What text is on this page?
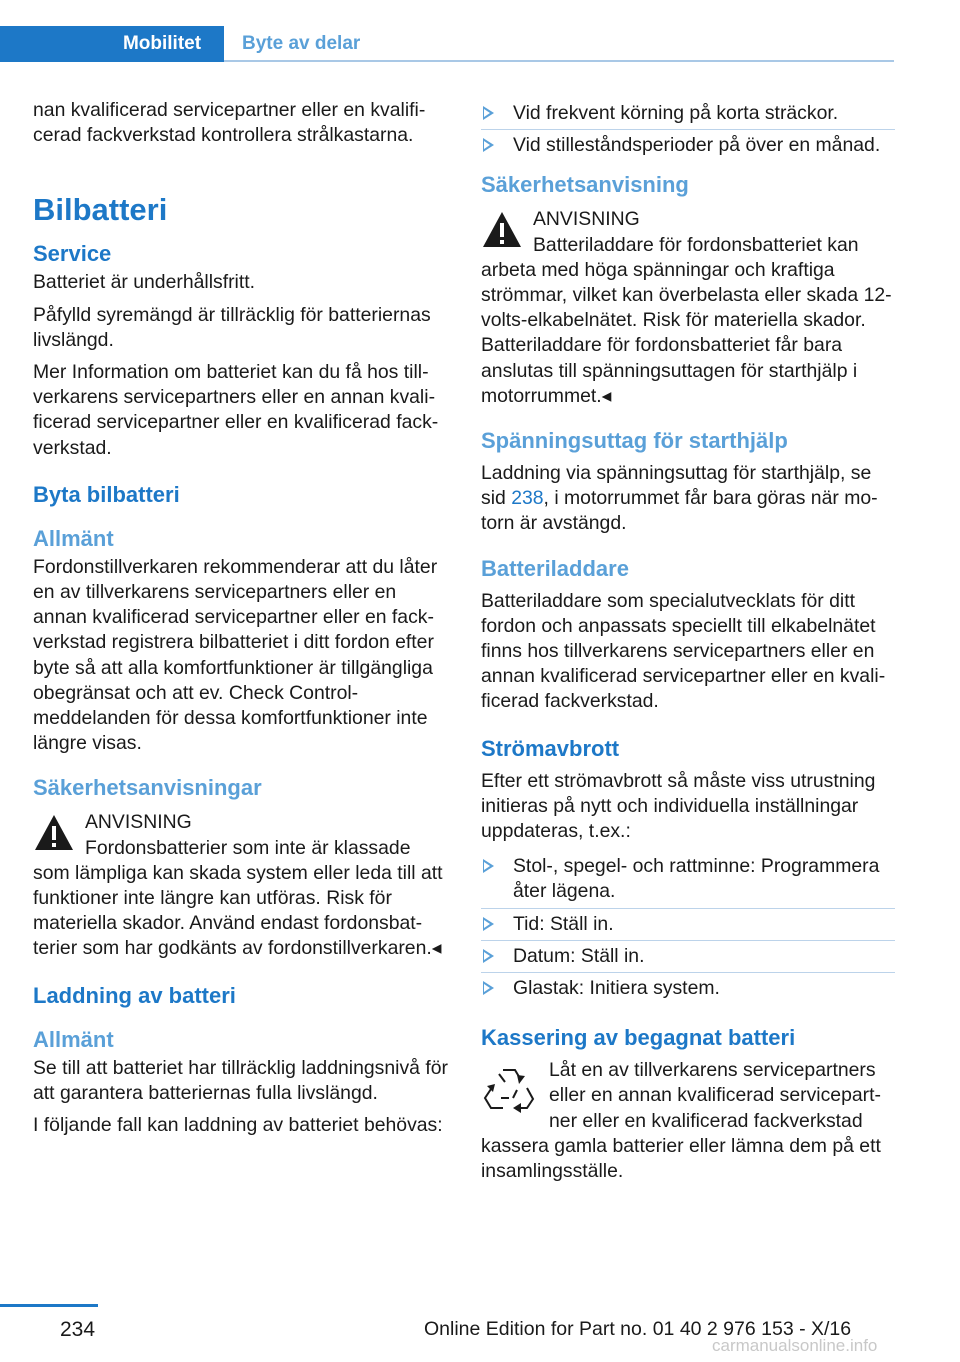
Mobilitet	Byte av delar

nan kvalificerad servicepartner eller en kvalificerad fackverkstad kontrollera strålkastarna.

Bilbatteri
Service

Batteriet är underhållsfritt.

Påfylld syremängd är tillräcklig för batteriernas livslängd.

Mer Information om batteriet kan du få hos tillverkarens servicepartners eller en annan kvalificerad servicepartner eller en kvalificerad fackverkstad.

Byta bilbatteri
Allmänt

Fordonstillverkaren rekommenderar att du låter en av tillverkarens servicepartners eller en annan kvalificerad servicepartner eller en fackverkstad registrera bilbatteriet i ditt fordon efter byte så att alla komfortfunktioner är tillgängliga obegränsat och att ev. Check Control-meddelanden för dessa komfortfunktioner inte längre visas.

Säkerhetsanvisningar
ANVISNING
Fordonsbatterier som inte är klassade som lämpliga kan skada system eller leda till att funktioner inte längre kan utföras. Risk för materiella skador. Använd endast fordonsbatterier som har godkänts av fordonstillverkaren.◂
Laddning av batteri
Allmänt

Se till att batteriet har tillräcklig laddningsnivå för att garantera batteriernas fulla livslängd.

I följande fall kan laddning av batteriet behövas:

Vid frekvent körning på korta sträckor.
Vid stilleståndsperioder på över en månad.
Säkerhetsanvisning
ANVISNING
Batteriladdare för fordonsbatteriet kan arbeta med höga spänningar och kraftiga strömmar, vilket kan överbelasta eller skada 12-volts-elkabelnätet. Risk för materiella skador. Batteriladdare för fordonsbatteriet får bara anslutas till spänningsuttagen för starthjälp i motorrummet.◂
Spänningsuttag för starthjälp

Laddning via spänningsuttag för starthjälp, se sid 238, i motorrummet får bara göras när motorn är avstängd.

Batteriladdare

Batteriladdare som specialutvecklats för ditt fordon och anpassats speciellt till elkabelnätet finns hos tillverkarens servicepartners eller en annan kvalificerad servicepartner eller en kvalificerad fackverkstad.

Strömavbrott

Efter ett strömavbrott så måste viss utrustning initieras på nytt och individuella inställningar uppdateras, t.ex.:

Stol-, spegel- och rattminne: Programmera åter lägena.
Tid: Ställ in.
Datum: Ställ in.
Glastak: Initiera system.
Kassering av begagnat batteri
Låt en av tillverkarens servicepartners eller en annan kvalificerad servicepartner eller en kvalificerad fackverkstad kassera gamla batterier eller lämna dem på ett insamlingsställe.
234	Online Edition for Part no. 01 40 2 976 153 - X/16
carmanualsonline.info
